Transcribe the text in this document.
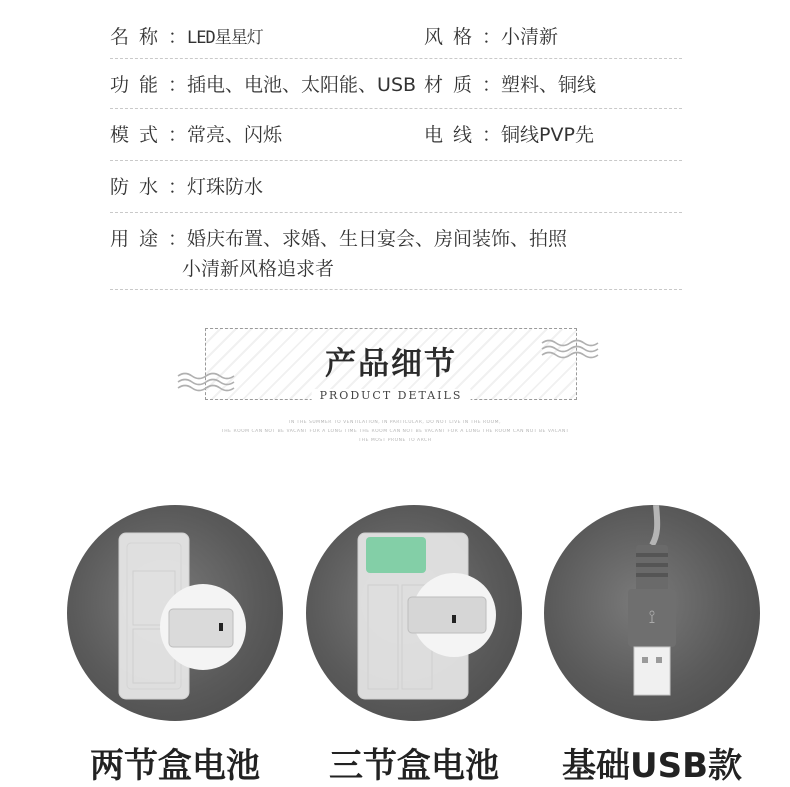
名称：LED星星灯	风格：小清新
功能：插电、电池、太阳能、USB 材质：塑料、铜线
模式：常亮、闪烁	电线：铜线PVP先
防水：灯珠防水
用途：婚庆布置、求婚、生日宴会、房间装饰、拍照
小清新风格追求者
产品细节
PRODUCT DETAILS
IN THE SUMMER TO VENTILATION, IN PARTICULAR, DO NOT LIVE IN THE ROOM,
THE ROOM CAN NOT BE VACANT FOR A LONG TIME THE ROOM CAN NOT BE VACANT FOR A LONG THE ROOM CAN NOT BE VACANT
THE MOST PRONE TO ARCH
⟟
两节盒电池	三节盒电池	基础USB款
